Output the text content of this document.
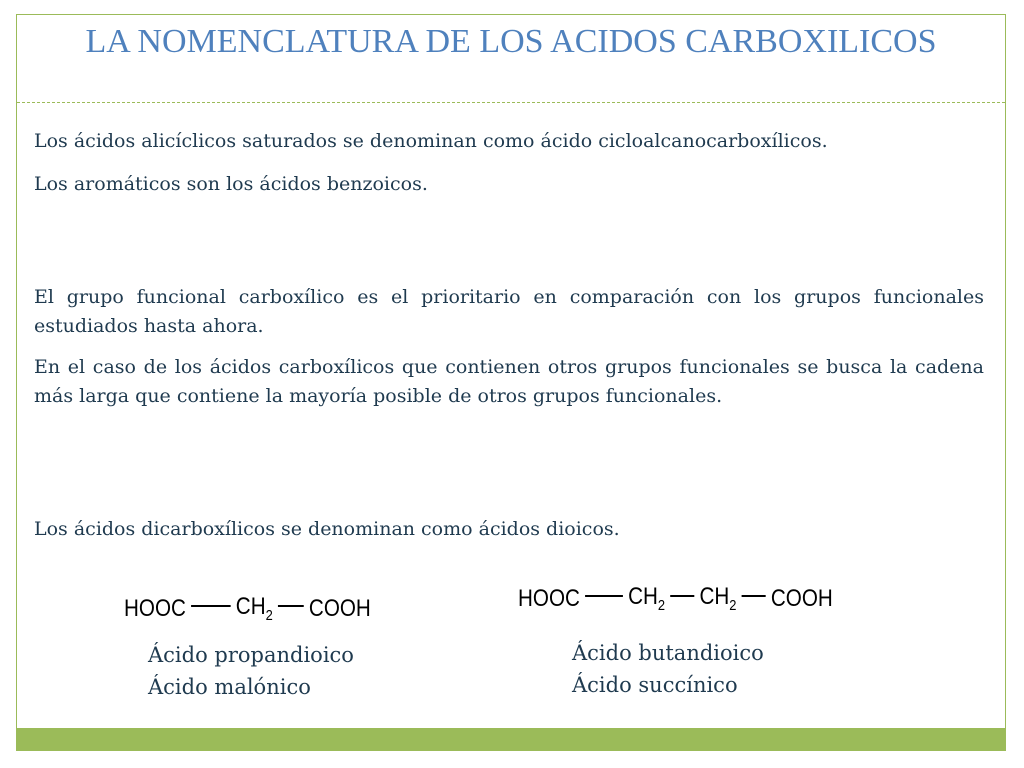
LA NOMENCLATURA DE LOS ACIDOS CARBOXILICOS
Los ácidos alicíclicos saturados se denominan como ácido cicloalcanocarboxílicos.
Los aromáticos son los ácidos benzoicos.
El grupo funcional carboxílico es el prioritario en comparación con los grupos funcionales estudiados hasta ahora.
En el caso de los ácidos carboxílicos que contienen otros grupos funcionales se busca la cadena más larga que contiene la mayoría posible de otros grupos funcionales.
Los ácidos dicarboxílicos se denominan como ácidos dioicos.
HOOC $CH_2$ COOH	HOOC $CH_2$ $CH_2$ COOH
Ácido propandioico
Ácido malónico
Ácido butandioico
Ácido succínico
